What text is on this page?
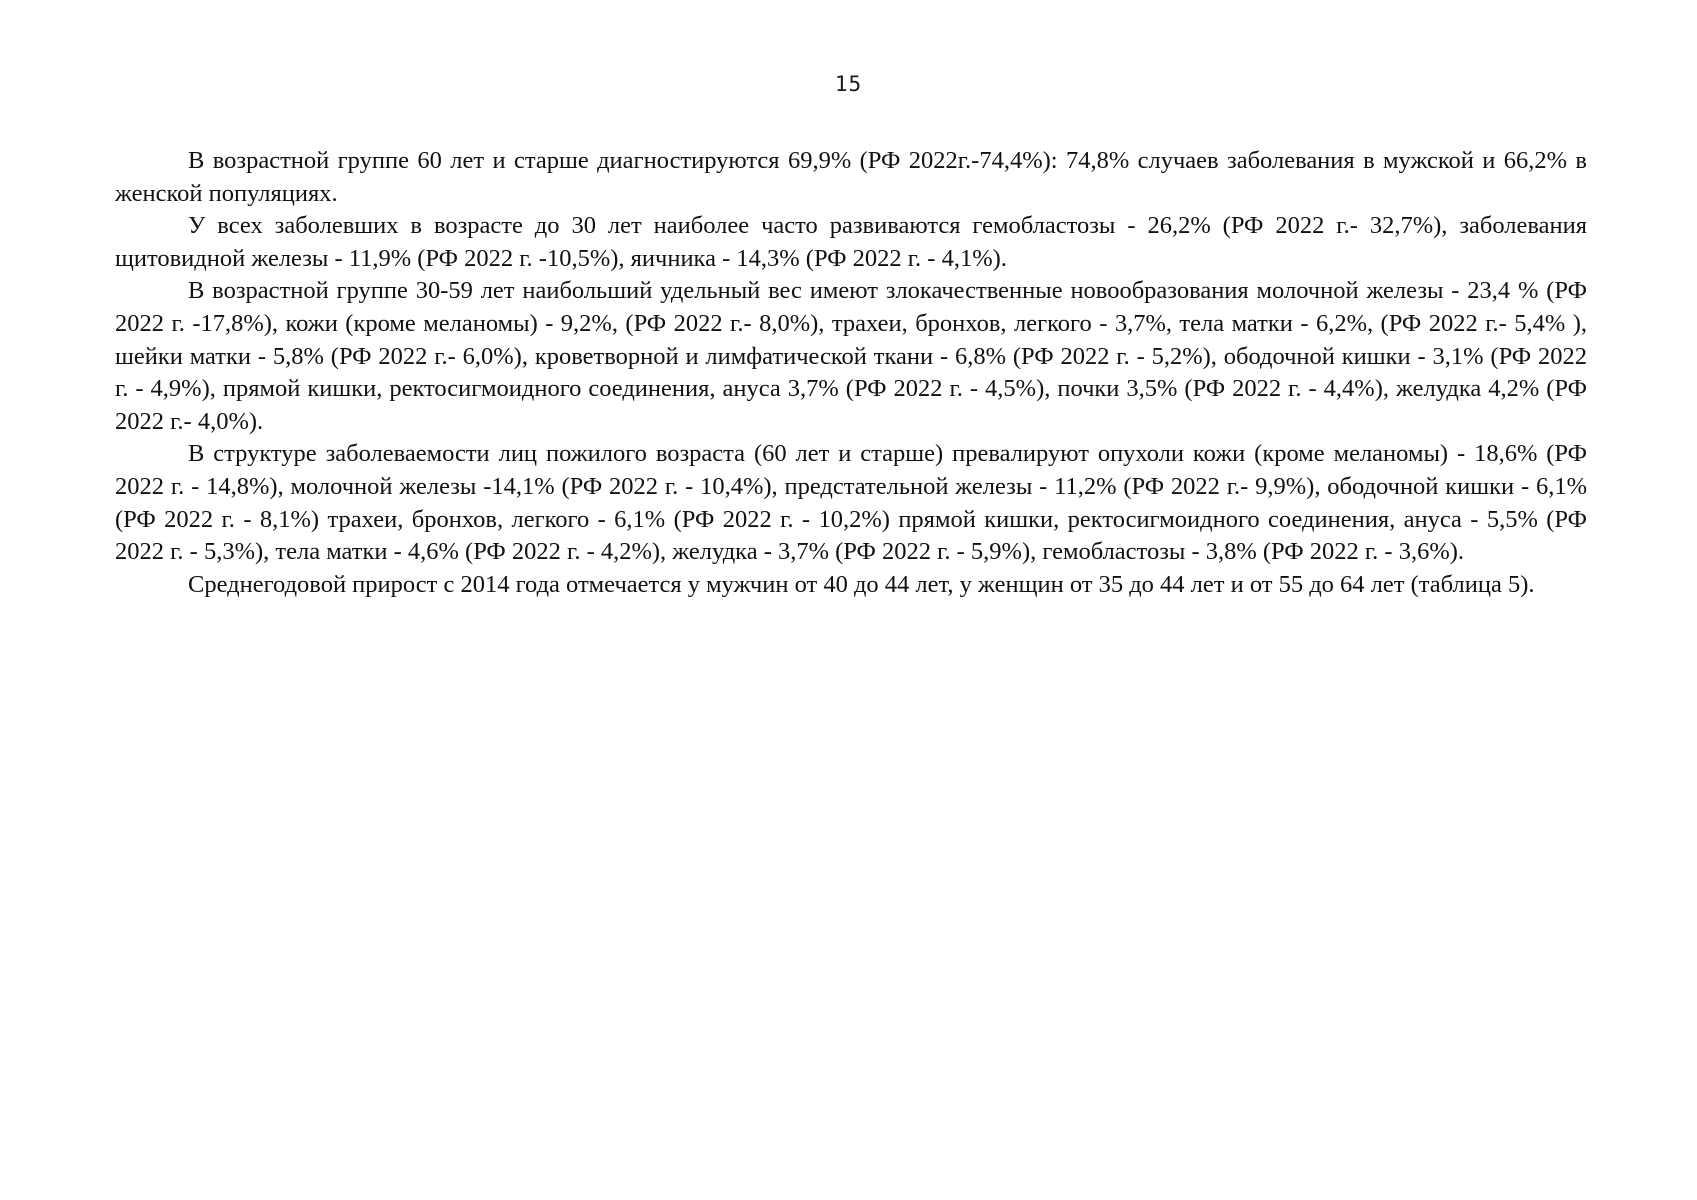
15

В возрастной группе 60 лет и старше диагностируются 69,9% (РФ 2022г.-74,4%): 74,8% случаев заболевания в мужской и 66,2% в женской популяциях.

У всех заболевших в возрасте до 30 лет наиболее часто развиваются гемобластозы - 26,2% (РФ 2022 г.- 32,7%), заболевания щитовидной железы - 11,9% (РФ 2022 г. -10,5%), яичника - 14,3% (РФ 2022 г. - 4,1%).

В возрастной группе 30-59 лет наибольший удельный вес имеют злокачественные новообразования молочной железы - 23,4 % (РФ 2022 г. -17,8%), кожи (кроме меланомы) - 9,2%, (РФ 2022 г.- 8,0%), трахеи, бронхов, легкого - 3,7%, тела матки - 6,2%, (РФ 2022 г.- 5,4% ), шейки матки - 5,8% (РФ 2022 г.- 6,0%), кроветворной и лимфатической ткани - 6,8% (РФ 2022 г. - 5,2%), ободочной кишки - 3,1% (РФ 2022 г. - 4,9%), прямой кишки, ректосигмоидного соединения, ануса 3,7% (РФ 2022 г. - 4,5%), почки 3,5% (РФ 2022 г. - 4,4%), желудка 4,2% (РФ 2022 г.- 4,0%).

В структуре заболеваемости лиц пожилого возраста (60 лет и старше) превалируют опухоли кожи (кроме меланомы) - 18,6% (РФ 2022 г. - 14,8%), молочной железы -14,1% (РФ 2022 г. - 10,4%), предстательной железы - 11,2% (РФ 2022 г.- 9,9%), ободочной кишки - 6,1% (РФ 2022 г. - 8,1%) трахеи, бронхов, легкого - 6,1% (РФ 2022 г. - 10,2%) прямой кишки, ректосигмоидного соединения, ануса - 5,5% (РФ 2022 г. - 5,3%), тела матки - 4,6% (РФ 2022 г. - 4,2%), желудка - 3,7% (РФ 2022 г. - 5,9%), гемобластозы - 3,8% (РФ 2022 г. - 3,6%).

Среднегодовой прирост с 2014 года отмечается у мужчин от 40 до 44 лет, у женщин от 35 до 44 лет и от 55 до 64 лет (таблица 5).
